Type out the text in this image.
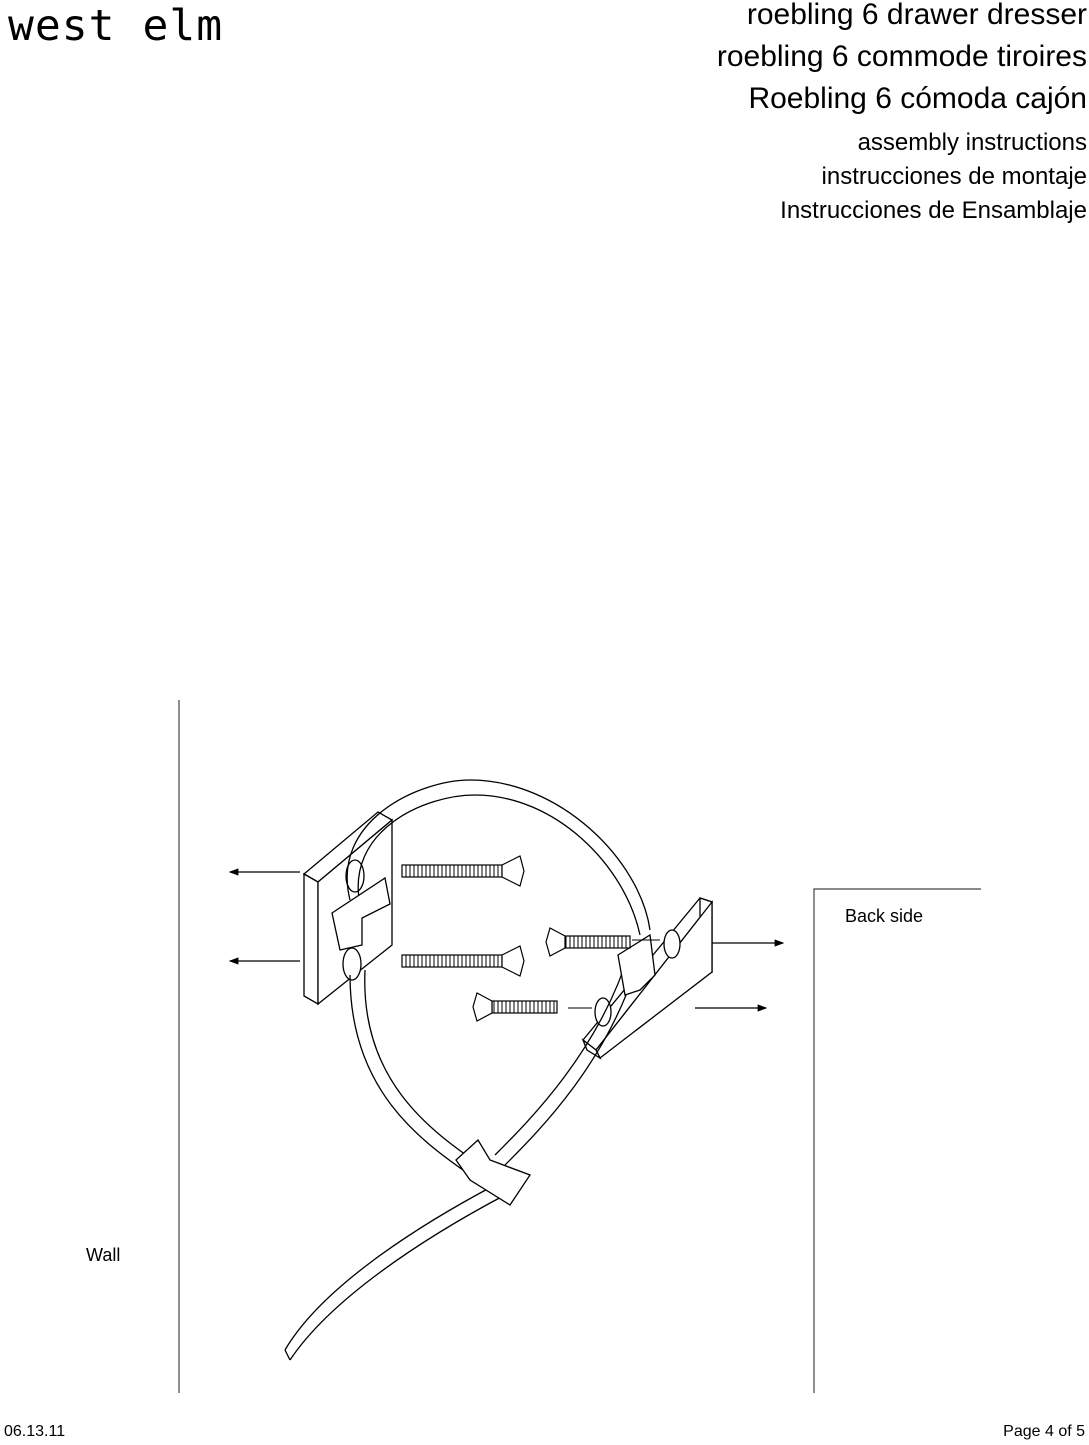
west elm	roebling 6 drawer dresser
roebling 6 commode tiroires
Roebling 6 cómoda cajón
assembly instructions
instrucciones de montaje
Instrucciones de Ensamblaje
Back side
Wall
06.13.11	Page 4 of 5
